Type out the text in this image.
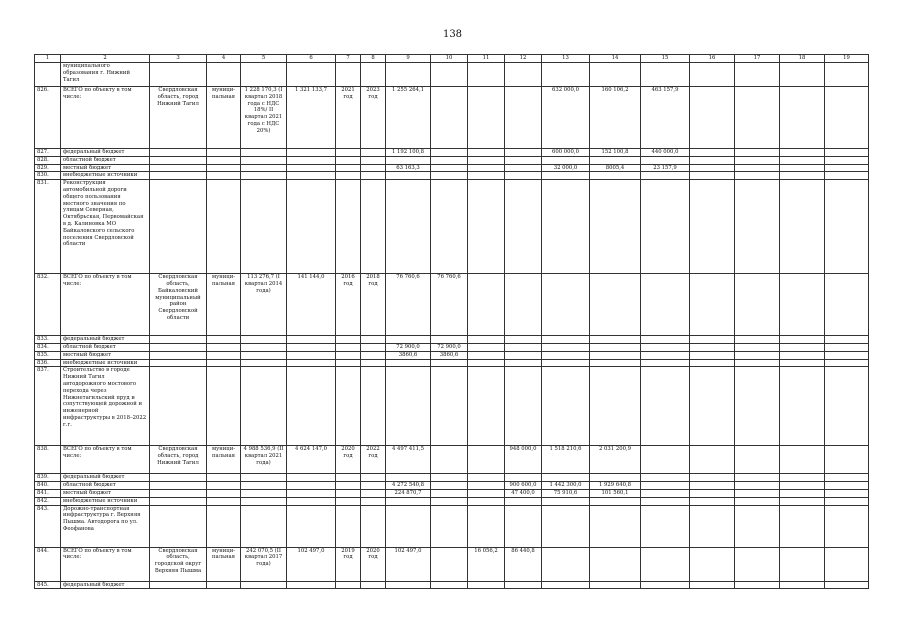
138
1	2	3	4	5	6	7	8	9	10	11	12	13	14	15	16	17	18	19
	муниципального образования г. Нижний Тагил																	
826.	ВСЕГО по объекту в том числе:	Свердловская область, город Нижний Тагил	муници-пальная	1 228 170,3 (I квартал 2018 года с НДС 18%/ II квартал 2021 года с НДС 20%)	1 321 133,7	2021 год	2023 год	1 255 264,1				632 000,0	160 106,2	463 157,9				
827.	федеральный бюджет							1 192 100,8				600 000,0	152 100,8	440 000,0				
828.	областной бюджет																	
829.	местный бюджет							63 163,3				32 000,0	8005,4	23 157,9				
830.	внебюджетные источники																	
831.	Реконструкция автомобильной дороги общего пользования местного значения по улицам Северная, Октябрьская, Первомайская в д. Калиновка МО Байкаловского сельского поселения Свердловской области																	
832.	ВСЕГО по объекту в том числе:	Свердловская область, Байкаловский муниципальный район Свердловской области	муници-пальная	113 276,7 (I квартал 2014 года)	141 144,0	2016 год	2018 год	76 760,6	76 760,6									
833.	федеральный бюджет																	
834.	областной бюджет							72 900,0	72 900,0									
835.	местный бюджет							3860,6	3860,6									
836.	внебюджетные источники																	
837.	Строительство в городе Нижний Тагил автодорожного мостового перехода через Нижнетагильский пруд и сопутствующей дорожной и инженерной инфраструктуры в 2018–2022 г.г.																	
838.	ВСЕГО по объекту в том числе:	Свердловская область, город Нижний Тагил	муници-пальная	4 988 536,9 (II квартал 2021 года)	4 624 147,0	2020 год	2022 год	4 497 411,5			948 000,0	1 518 210,6	2 031 200,9					
839.	федеральный бюджет																	
840.	областной бюджет							4 272 540,8			900 600,0	1 442 300,0	1 929 640,8					
841.	местный бюджет							224 870,7			47 400,0	75 910,6	101 560,1					
842.	внебюджетные источники																	
843.	Дорожно-транспортная инфраструктура г. Верхняя Пышма. Автодорога по ул. Феофанова																	
844.	ВСЕГО по объекту в том числе:	Свердловская область, городской округ Верхняя Пышма	муници-пальная	242 070,5 (II квартал 2017 года)	102 497,0	2019 год	2020 год	102 497,0		16 056,2	86 440,8							
845.	федеральный бюджет																	
